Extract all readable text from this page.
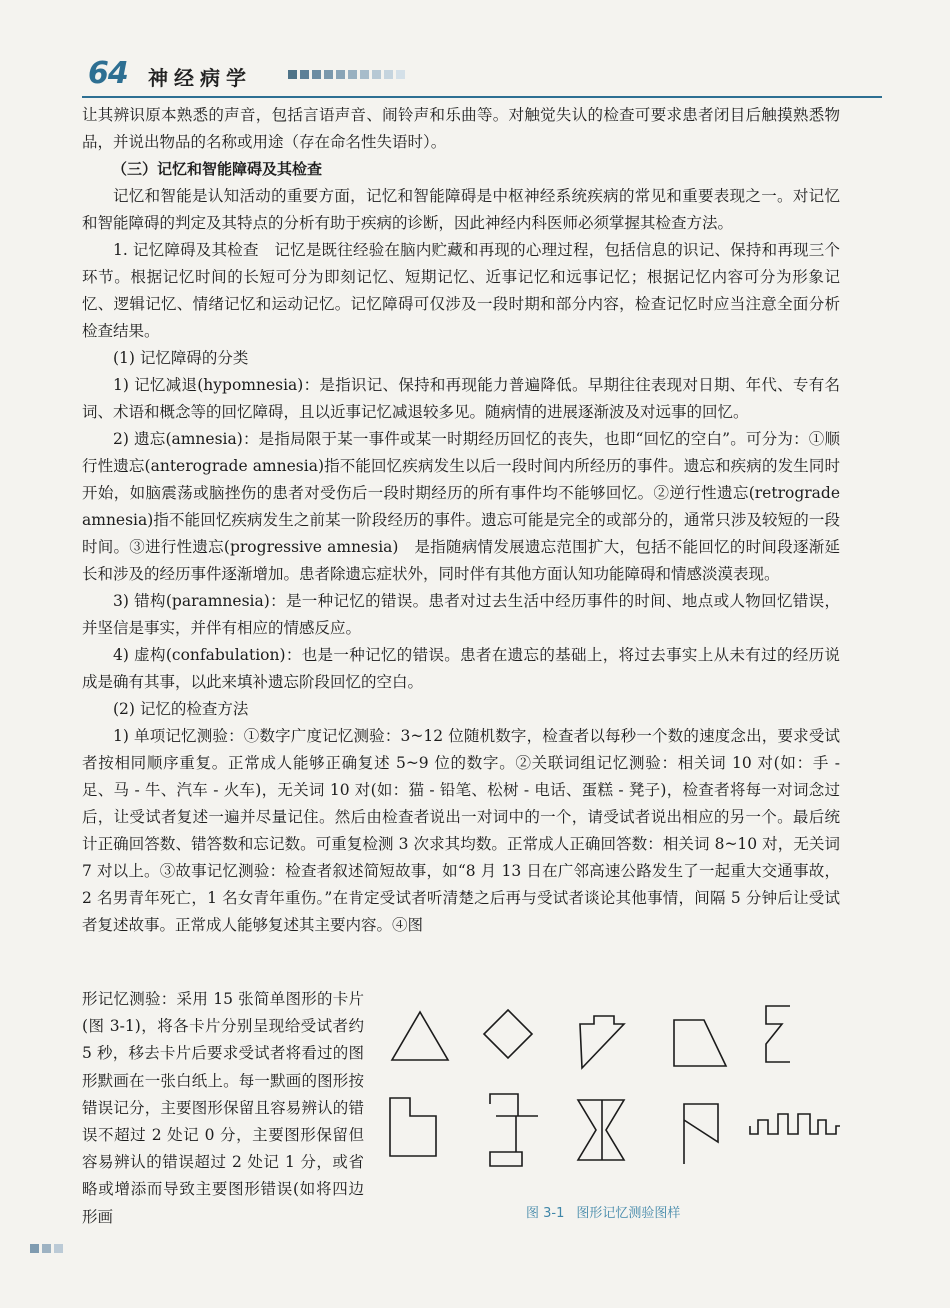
64 神经病学

让其辨识原本熟悉的声音，包括言语声音、闹铃声和乐曲等。对触觉失认的检查可要求患者闭目后触摸熟悉物品，并说出物品的名称或用途（存在命名性失语时）。

（三）记忆和智能障碍及其检查

记忆和智能是认知活动的重要方面，记忆和智能障碍是中枢神经系统疾病的常见和重要表现之一。对记忆和智能障碍的判定及其特点的分析有助于疾病的诊断，因此神经内科医师必须掌握其检查方法。

1. 记忆障碍及其检查　记忆是既往经验在脑内贮藏和再现的心理过程，包括信息的识记、保持和再现三个环节。根据记忆时间的长短可分为即刻记忆、短期记忆、近事记忆和远事记忆；根据记忆内容可分为形象记忆、逻辑记忆、情绪记忆和运动记忆。记忆障碍可仅涉及一段时期和部分内容，检查记忆时应当注意全面分析检查结果。

(1) 记忆障碍的分类

1) 记忆减退(hypomnesia)：是指识记、保持和再现能力普遍降低。早期往往表现对日期、年代、专有名词、术语和概念等的回忆障碍，且以近事记忆减退较多见。随病情的进展逐渐波及对远事的回忆。

2) 遗忘(amnesia)：是指局限于某一事件或某一时期经历回忆的丧失，也即“回忆的空白”。可分为：①顺行性遗忘(anterograde amnesia)指不能回忆疾病发生以后一段时间内所经历的事件。遗忘和疾病的发生同时开始，如脑震荡或脑挫伤的患者对受伤后一段时期经历的所有事件均不能够回忆。②逆行性遗忘(retrograde amnesia)指不能回忆疾病发生之前某一阶段经历的事件。遗忘可能是完全的或部分的，通常只涉及较短的一段时间。③进行性遗忘(progressive amnesia)　是指随病情发展遗忘范围扩大，包括不能回忆的时间段逐渐延长和涉及的经历事件逐渐增加。患者除遗忘症状外，同时伴有其他方面认知功能障碍和情感淡漠表现。

3) 错构(paramnesia)：是一种记忆的错误。患者对过去生活中经历事件的时间、地点或人物回忆错误，并坚信是事实，并伴有相应的情感反应。

4) 虚构(confabulation)：也是一种记忆的错误。患者在遗忘的基础上，将过去事实上从未有过的经历说成是确有其事，以此来填补遗忘阶段回忆的空白。

(2) 记忆的检查方法

1) 单项记忆测验：①数字广度记忆测验：3~12 位随机数字，检查者以每秒一个数的速度念出，要求受试者按相同顺序重复。正常成人能够正确复述 5~9 位的数字。②关联词组记忆测验：相关词 10 对(如：手 - 足、马 - 牛、汽车 - 火车)，无关词 10 对(如：猫 - 铅笔、松树 - 电话、蛋糕 - 凳子)，检查者将每一对词念过后，让受试者复述一遍并尽量记住。然后由检查者说出一对词中的一个，请受试者说出相应的另一个。最后统计正确回答数、错答数和忘记数。可重复检测 3 次求其均数。正常成人正确回答数：相关词 8~10 对，无关词 7 对以上。③故事记忆测验：检查者叙述简短故事，如“8 月 13 日在广邻高速公路发生了一起重大交通事故，2 名男青年死亡，1 名女青年重伤。”在肯定受试者听清楚之后再与受试者谈论其他事情，间隔 5 分钟后让受试者复述故事。正常成人能够复述其主要内容。④图

形记忆测验：采用 15 张简单图形的卡片(图 3-1)，将各卡片分别呈现给受试者约 5 秒，移去卡片后要求受试者将看过的图形默画在一张白纸上。每一默画的图形按错误记分，主要图形保留且容易辨认的错误不超过 2 处记 0 分，主要图形保留但容易辨认的错误超过 2 处记 1 分，或省略或增添而导致主要图形错误(如将四边形画	图 3-1 图形记忆测验图样
